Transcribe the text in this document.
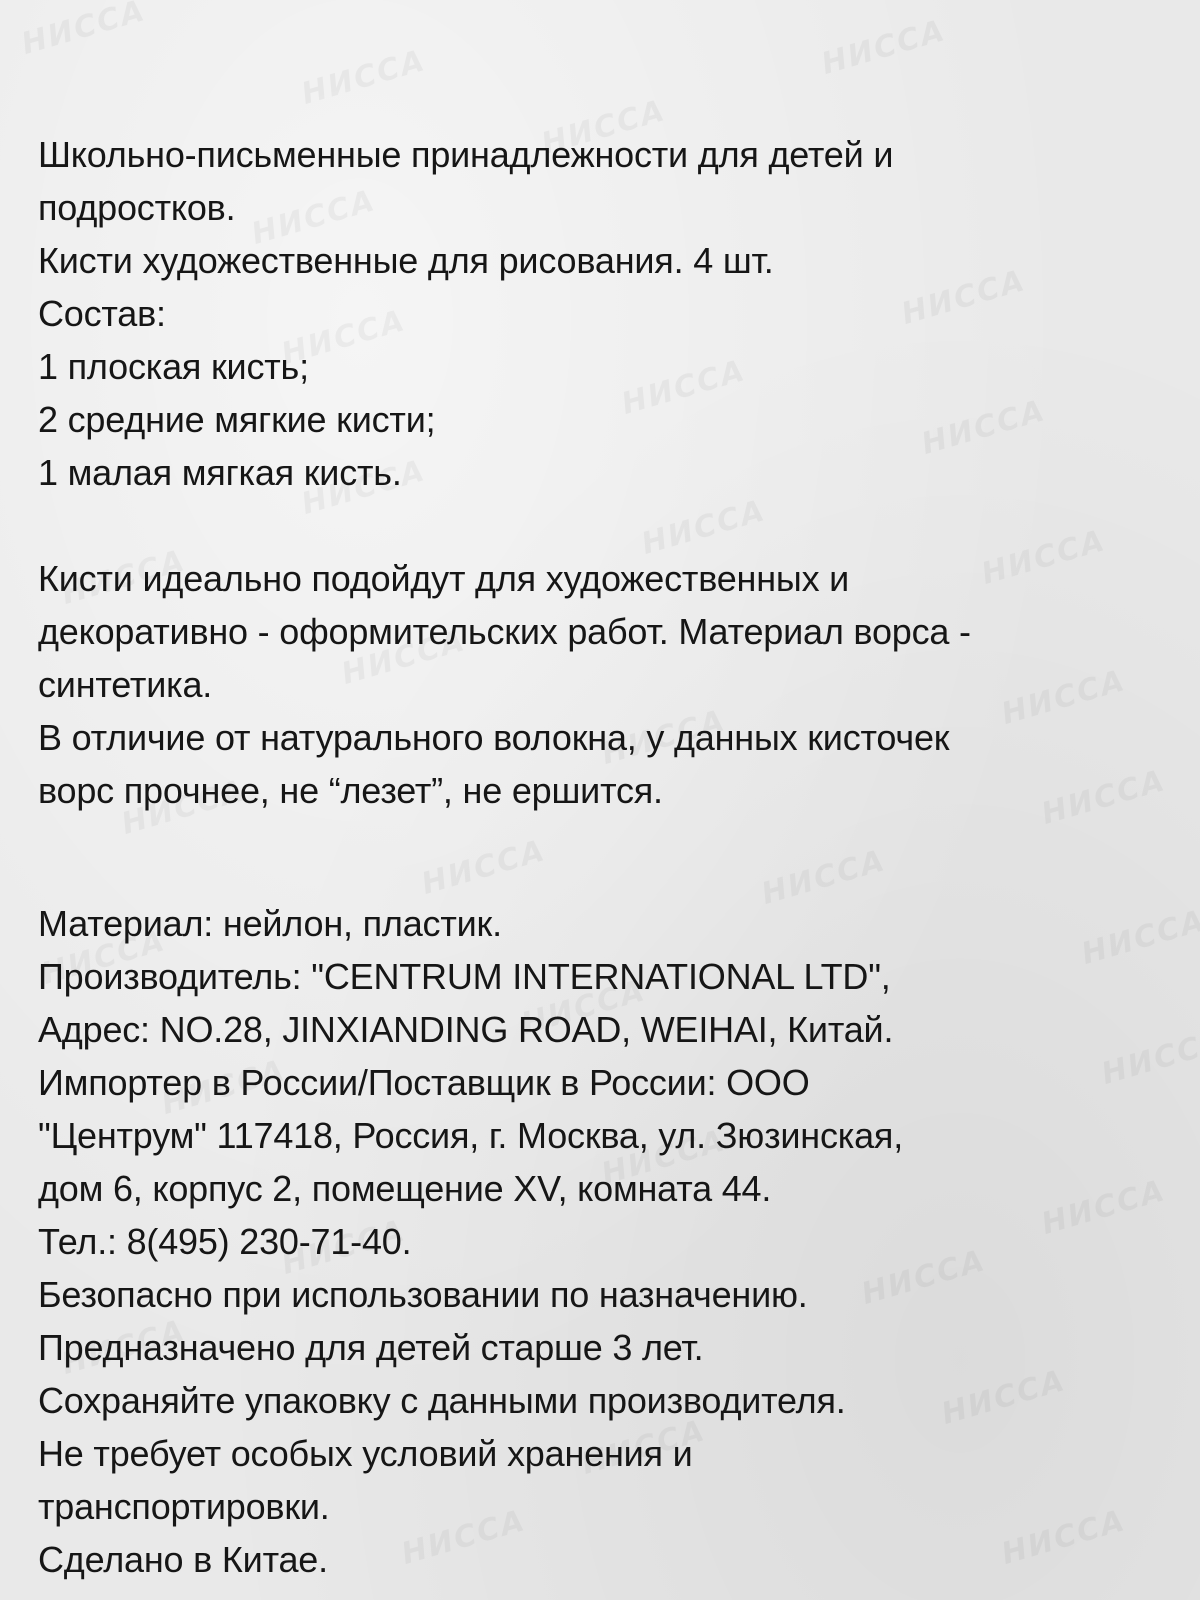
Школьно-письменные принадлежности для детей и
подростков.
Кисти художественные для рисования. 4 шт.
Состав:
1 плоская кисть;
2 средние мягкие кисти;
1 малая мягкая кисть.
Кисти идеально подойдут для художественных и
декоративно - оформительских работ. Материал ворса -
синтетика.
В отличие от натурального волокна, у данных кисточек
ворс прочнее, не “лезет”, не ершится.
Материал: нейлон, пластик.
Производитель: "CENTRUM INTERNATIONAL LTD",
Адрес: NO.28, JINXIANDING ROAD, WEIHAI, Китай.
Импортер в России/Поставщик в России: ООО
"Центрум" 117418, Россия, г. Москва, ул. Зюзинская,
дом 6, корпус 2, помещение XV, комната 44.
Тел.: 8(495) 230-71-40.
Безопасно при использовании по назначению.
Предназначено для детей старше 3 лет.
Сохраняйте упаковку с данными производителя.
Не требует особых условий хранения и
транспортировки.
Сделано в Китае.
